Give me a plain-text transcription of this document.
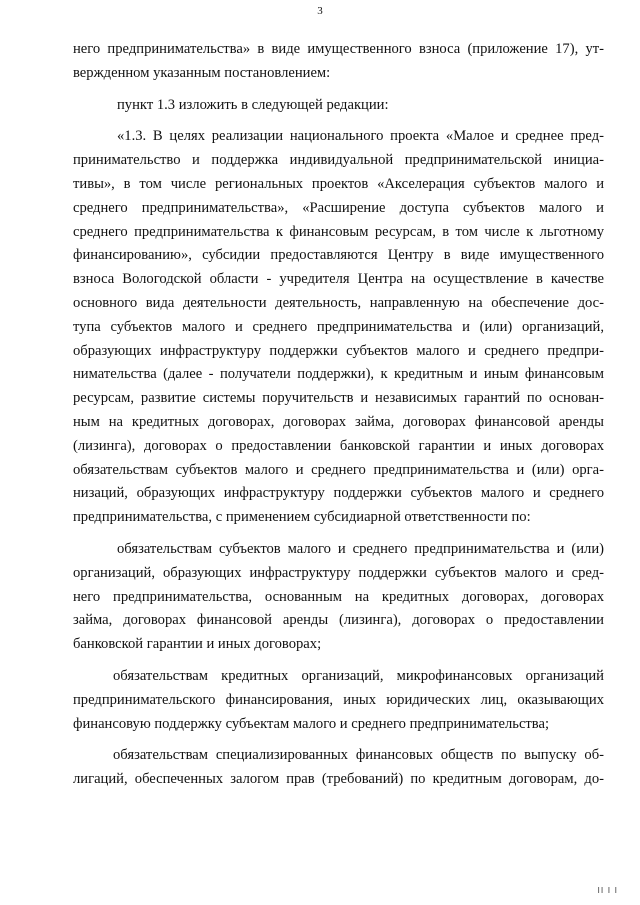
3
него предпринимательства» в виде имущественного взноса (приложение 17), ут-
вержденном указанным постановлением:
пункт 1.3 изложить в следующей редакции:
«1.3. В целях реализации национального проекта «Малое и среднее пред-
принимательство и поддержка индивидуальной предпринимательской инициа-
тивы», в том числе региональных проектов «Акселерация субъектов малого и
среднего предпринимательства», «Расширение доступа субъектов малого и
среднего предпринимательства к финансовым ресурсам, в том числе к льготному
финансированию», субсидии предоставляются Центру в виде имущественного
взноса Вологодской области - учредителя Центра на осуществление в качестве
основного вида деятельности деятельность, направленную на обеспечение дос-
тупа субъектов малого и среднего предпринимательства и (или) организаций,
образующих инфраструктуру поддержки субъектов малого и среднего предпри-
нимательства (далее - получатели поддержки), к кредитным и иным финансовым
ресурсам, развитие системы поручительств и независимых гарантий по основан-
ным на кредитных договорах, договорах займа, договорах финансовой аренды
(лизинга), договорах о предоставлении банковской гарантии и иных договорах
обязательствам субъектов малого и среднего предпринимательства и (или) орга-
низаций, образующих инфраструктуру поддержки субъектов малого и среднего
предпринимательства, с применением субсидиарной ответственности по:
обязательствам субъектов малого и среднего предпринимательства и (или)
организаций, образующих инфраструктуру поддержки субъектов малого и сред-
него предпринимательства, основанным на кредитных договорах, договорах
займа, договорах финансовой аренды (лизинга), договорах о предоставлении
банковской гарантии и иных договорах;
обязательствам кредитных организаций, микрофинансовых организаций
предпринимательского финансирования, иных юридических лиц, оказывающих
финансовую поддержку субъектам малого и среднего предпринимательства;
обязательствам специализированных финансовых обществ по выпуску об-
лигаций, обеспеченных залогом прав (требований) по кредитным договорам, до-
ІІ І І
